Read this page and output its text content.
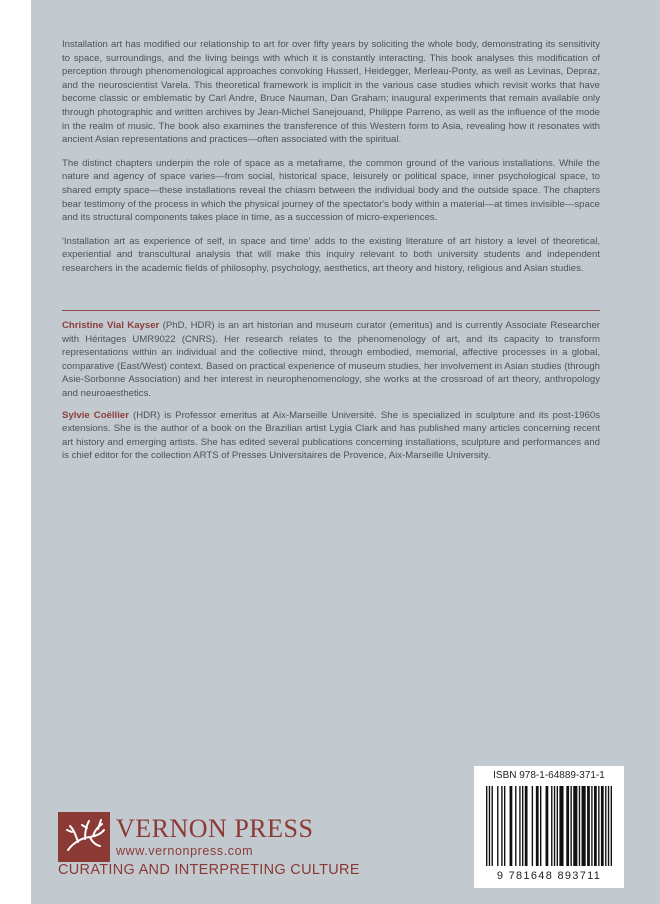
Installation art has modified our relationship to art for over fifty years by soliciting the whole body, demonstrating its sensitivity to space, surroundings, and the living beings with which it is constantly interacting. This book analyses this modification of perception through phenomenological approaches convoking Husserl, Heidegger, Merleau-Ponty, as well as Levinas, Depraz, and the neuroscientist Varela. This theoretical framework is implicit in the various case studies which revisit works that have become classic or emblematic by Carl Andre, Bruce Nauman, Dan Graham; inaugural experiments that remain available only through photographic and written archives by Jean-Michel Sanejouand, Philippe Parreno, as well as the influence of the mode in the realm of music. The book also examines the transference of this Western form to Asia, revealing how it resonates with ancient Asian representations and practices—often associated with the spiritual.

The distinct chapters underpin the role of space as a metaframe, the common ground of the various installations. While the nature and agency of space varies—from social, historical space, leisurely or political space, inner psychological space, to shared empty space—these installations reveal the chiasm between the individual body and the outside space. The chapters bear testimony of the process in which the physical journey of the spectator's body within a material—at times invisible—space and its structural components takes place in time, as a succession of micro-experiences.

'Installation art as experience of self, in space and time' adds to the existing literature of art history a level of theoretical, experiential and transcultural analysis that will make this inquiry relevant to both university students and independent researchers in the academic fields of philosophy, psychology, aesthetics, art theory and history, religious and Asian studies.

Christine Vial Kayser (PhD, HDR) is an art historian and museum curator (emeritus) and is currently Associate Researcher with Héritages UMR9022 (CNRS). Her research relates to the phenomenology of art, and its capacity to transform representations within an individual and the collective mind, through embodied, memorial, affective processes in a global, comparative (East/West) context. Based on practical experience of museum studies, her involvement in Asian studies (through Asie-Sorbonne Association) and her interest in neurophenomenology, she works at the crossroad of art theory, anthropology and neuroaesthetics.

Sylvie Coëllier (HDR) is Professor emeritus at Aix-Marseille Université. She is specialized in sculpture and its post-1960s extensions. She is the author of a book on the Brazilian artist Lygia Clark and has published many articles concerning recent art history and emerging artists. She has edited several publications concerning installations, sculpture and performances and is chief editor for the collection ARTS of Presses Universitaires de Provence, Aix-Marseille University.

VERNON PRESS
www.vernonpress.com
CURATING AND INTERPRETING CULTURE
ISBN 978-1-64889-371-1
9 781648 893711
